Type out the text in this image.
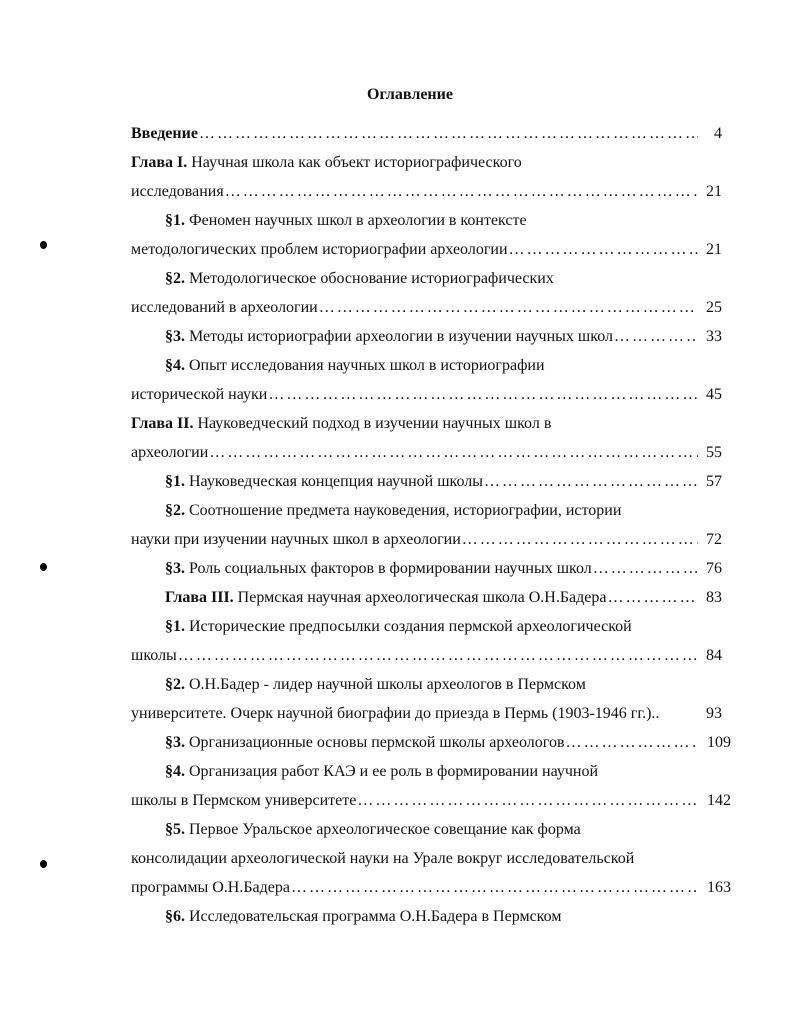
Оглавление
Введение …………………………………………………………………………………………………………………………………………………	4
Глава I. Научная школа как объект историографического
исследования …………………………………………………………………………………………………………………………………………………	21
§1. Феномен научных школ в археологии в контексте
методологических проблем историографии археологии …………………………………………………………………………………………………………………………………………………	21
§2. Методологическое обоснование историографических
исследований в археологии …………………………………………………………………………………………………………………………………………………	25
§3. Методы историографии археологии в изучении научных школ …………………………………………………………………………………………………………………………………………………	33
§4. Опыт исследования научных школ в историографии
исторической науки …………………………………………………………………………………………………………………………………………………	45
Глава II. Науковедческий подход в изучении научных школ в
археологии …………………………………………………………………………………………………………………………………………………	55
§1. Науковедческая концепция научной школы …………………………………………………………………………………………………………………………………………………	57
§2. Соотношение предмета науковедения, историографии, истории
науки при изучении научных школ в археологии …………………………………………………………………………………………………………………………………………………	72
§3. Роль социальных факторов в формировании научных школ …………………………………………………………………………………………………………………………………………………	76
Глава III. Пермская научная археологическая школа О.Н.Бадера …………………………………………………………………………………………………………………………………………………	83
§1. Исторические предпосылки создания пермской археологической
школы …………………………………………………………………………………………………………………………………………………	84
§2. О.Н.Бадер - лидер научной школы археологов в Пермском
университете. Очерк научной биографии до приезда в Пермь (1903-1946 гг.)..	93
§3. Организационные основы пермской школы археологов …………………………………………………………………………………………………………………………………………………	109
§4. Организация работ КАЭ и ее роль в формировании научной
школы в Пермском университете …………………………………………………………………………………………………………………………………………………	142
§5. Первое Уральское археологическое совещание как форма
консолидации археологической науки на Урале вокруг исследовательской
программы О.Н.Бадера …………………………………………………………………………………………………………………………………………………	163
§6. Исследовательская программа О.Н.Бадера в Пермском
